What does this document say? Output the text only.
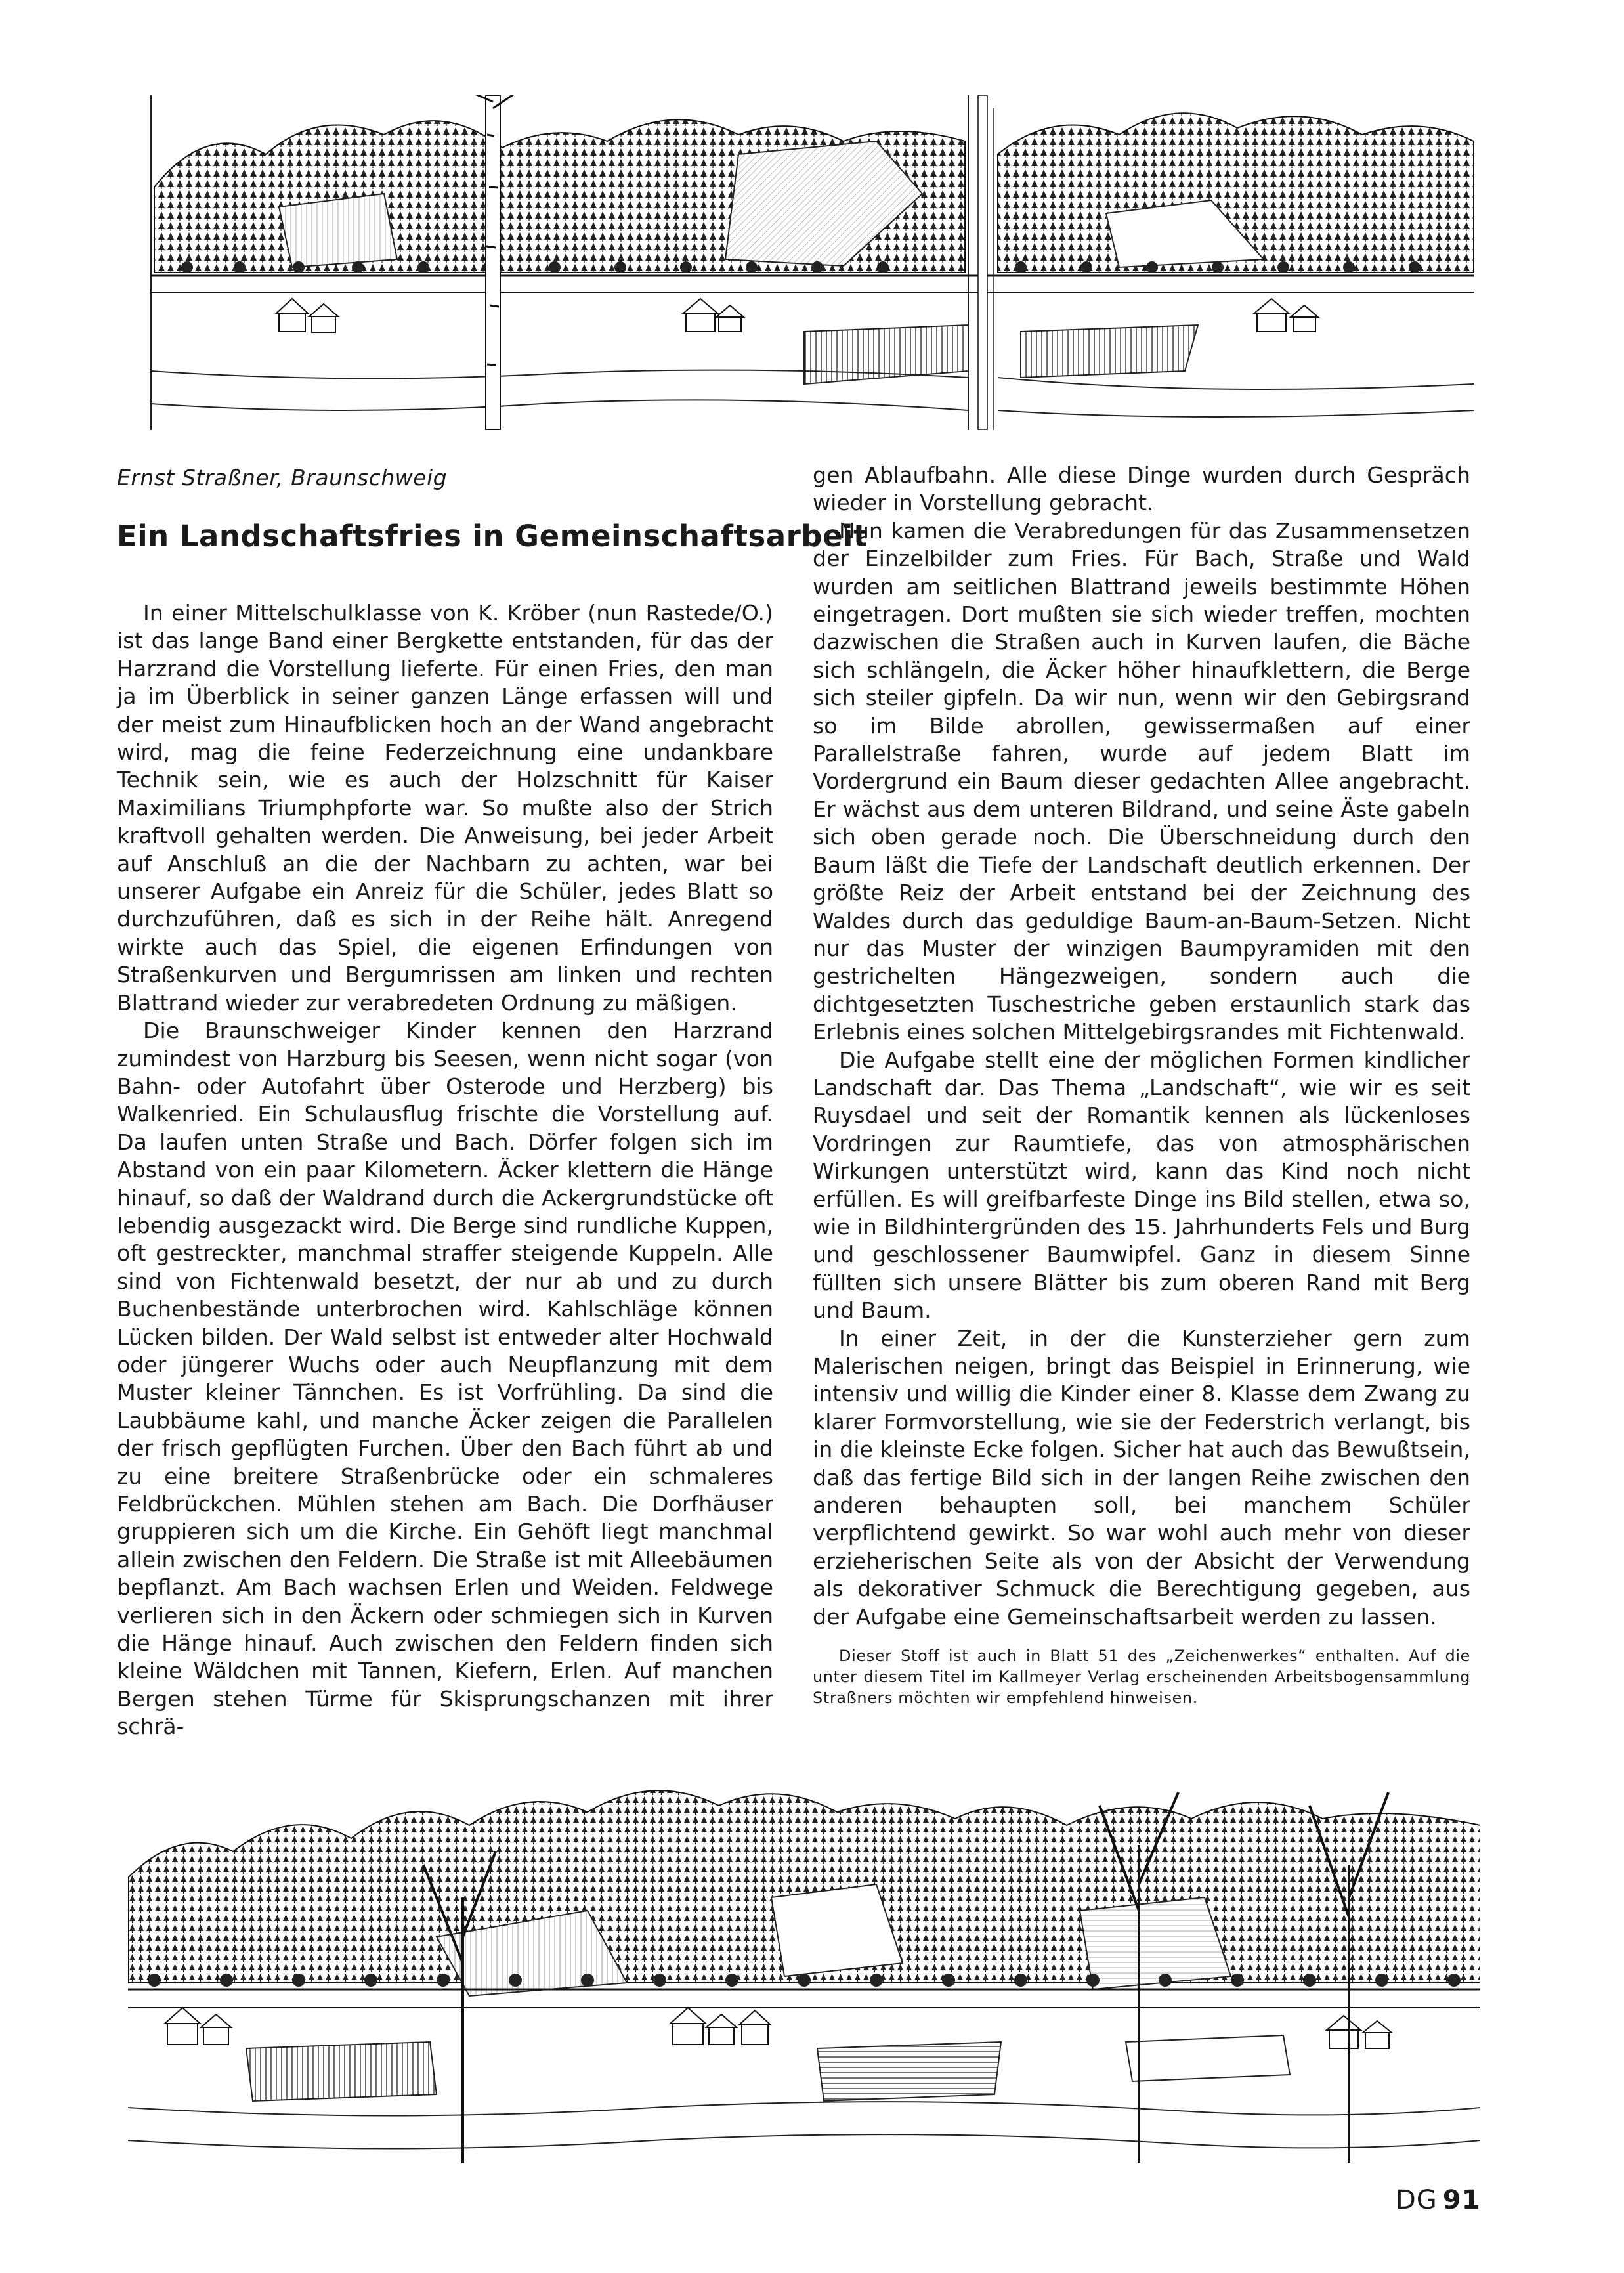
Ernst Straßner, Braunschweig
Ein Landschaftsfries in Gemeinschaftsarbeit

In einer Mittelschulklasse von K. Kröber (nun Rastede/O.) ist das lange Band einer Bergkette entstanden, für das der Harzrand die Vorstellung lieferte. Für einen Fries, den man ja im Überblick in seiner ganzen Länge erfassen will und der meist zum Hinaufblicken hoch an der Wand angebracht wird, mag die feine Federzeichnung eine undankbare Technik sein, wie es auch der Holzschnitt für Kaiser Maximilians Triumphpforte war. So mußte also der Strich kraftvoll gehalten werden. Die Anweisung, bei jeder Arbeit auf Anschluß an die der Nachbarn zu achten, war bei unserer Aufgabe ein Anreiz für die Schüler, jedes Blatt so durchzuführen, daß es sich in der Reihe hält. Anregend wirkte auch das Spiel, die eigenen Erfindungen von Straßenkurven und Bergumrissen am linken und rechten Blattrand wieder zur verabredeten Ordnung zu mäßigen.

Die Braunschweiger Kinder kennen den Harzrand zumindest von Harzburg bis Seesen, wenn nicht sogar (von Bahn- oder Autofahrt über Osterode und Herzberg) bis Walkenried. Ein Schulausflug frischte die Vorstellung auf. Da laufen unten Straße und Bach. Dörfer folgen sich im Abstand von ein paar Kilometern. Äcker klettern die Hänge hinauf, so daß der Waldrand durch die Ackergrundstücke oft lebendig ausgezackt wird. Die Berge sind rundliche Kuppen, oft gestreckter, manchmal straffer steigende Kuppeln. Alle sind von Fichtenwald besetzt, der nur ab und zu durch Buchenbestände unterbrochen wird. Kahlschläge können Lücken bilden. Der Wald selbst ist entweder alter Hochwald oder jüngerer Wuchs oder auch Neupflanzung mit dem Muster kleiner Tännchen. Es ist Vorfrühling. Da sind die Laubbäume kahl, und manche Äcker zeigen die Parallelen der frisch gepflügten Furchen. Über den Bach führt ab und zu eine breitere Straßenbrücke oder ein schmaleres Feldbrückchen. Mühlen stehen am Bach. Die Dorfhäuser gruppieren sich um die Kirche. Ein Gehöft liegt manchmal allein zwischen den Feldern. Die Straße ist mit Alleebäumen bepflanzt. Am Bach wachsen Erlen und Weiden. Feldwege verlieren sich in den Äckern oder schmiegen sich in Kurven die Hänge hinauf. Auch zwischen den Feldern finden sich kleine Wäldchen mit Tannen, Kiefern, Erlen. Auf manchen Bergen stehen Türme für Skisprungschanzen mit ihrer schrä-

gen Ablaufbahn. Alle diese Dinge wurden durch Gespräch wieder in Vorstellung gebracht.

Nun kamen die Verabredungen für das Zusammensetzen der Einzelbilder zum Fries. Für Bach, Straße und Wald wurden am seitlichen Blattrand jeweils bestimmte Höhen eingetragen. Dort mußten sie sich wieder treffen, mochten dazwischen die Straßen auch in Kurven laufen, die Bäche sich schlängeln, die Äcker höher hinaufklettern, die Berge sich steiler gipfeln. Da wir nun, wenn wir den Gebirgsrand so im Bilde abrollen, gewissermaßen auf einer Parallelstraße fahren, wurde auf jedem Blatt im Vordergrund ein Baum dieser gedachten Allee angebracht. Er wächst aus dem unteren Bildrand, und seine Äste gabeln sich oben gerade noch. Die Überschneidung durch den Baum läßt die Tiefe der Landschaft deutlich erkennen. Der größte Reiz der Arbeit entstand bei der Zeichnung des Waldes durch das geduldige Baum-an-Baum-Setzen. Nicht nur das Muster der winzigen Baumpyramiden mit den gestrichelten Hängezweigen, sondern auch die dichtgesetzten Tuschestriche geben erstaunlich stark das Erlebnis eines solchen Mittelgebirgsrandes mit Fichtenwald.

Die Aufgabe stellt eine der möglichen Formen kindlicher Landschaft dar. Das Thema „Landschaft“, wie wir es seit Ruysdael und seit der Romantik kennen als lückenloses Vordringen zur Raumtiefe, das von atmosphärischen Wirkungen unterstützt wird, kann das Kind noch nicht erfüllen. Es will greifbarfeste Dinge ins Bild stellen, etwa so, wie in Bildhintergründen des 15. Jahrhunderts Fels und Burg und geschlossener Baumwipfel. Ganz in diesem Sinne füllten sich unsere Blätter bis zum oberen Rand mit Berg und Baum.

In einer Zeit, in der die Kunsterzieher gern zum Malerischen neigen, bringt das Beispiel in Erinnerung, wie intensiv und willig die Kinder einer 8. Klasse dem Zwang zu klarer Formvorstellung, wie sie der Federstrich verlangt, bis in die kleinste Ecke folgen. Sicher hat auch das Bewußtsein, daß das fertige Bild sich in der langen Reihe zwischen den anderen behaupten soll, bei manchem Schüler verpflichtend gewirkt. So war wohl auch mehr von dieser erzieherischen Seite als von der Absicht der Verwendung als dekorativer Schmuck die Berechtigung gegeben, aus der Aufgabe eine Gemeinschaftsarbeit werden zu lassen.

Dieser Stoff ist auch in Blatt 51 des „Zeichenwerkes“ enthalten. Auf die unter diesem Titel im Kallmeyer Verlag erscheinenden Arbeitsbogensammlung Straßners möchten wir empfehlend hinweisen.

DG 91
